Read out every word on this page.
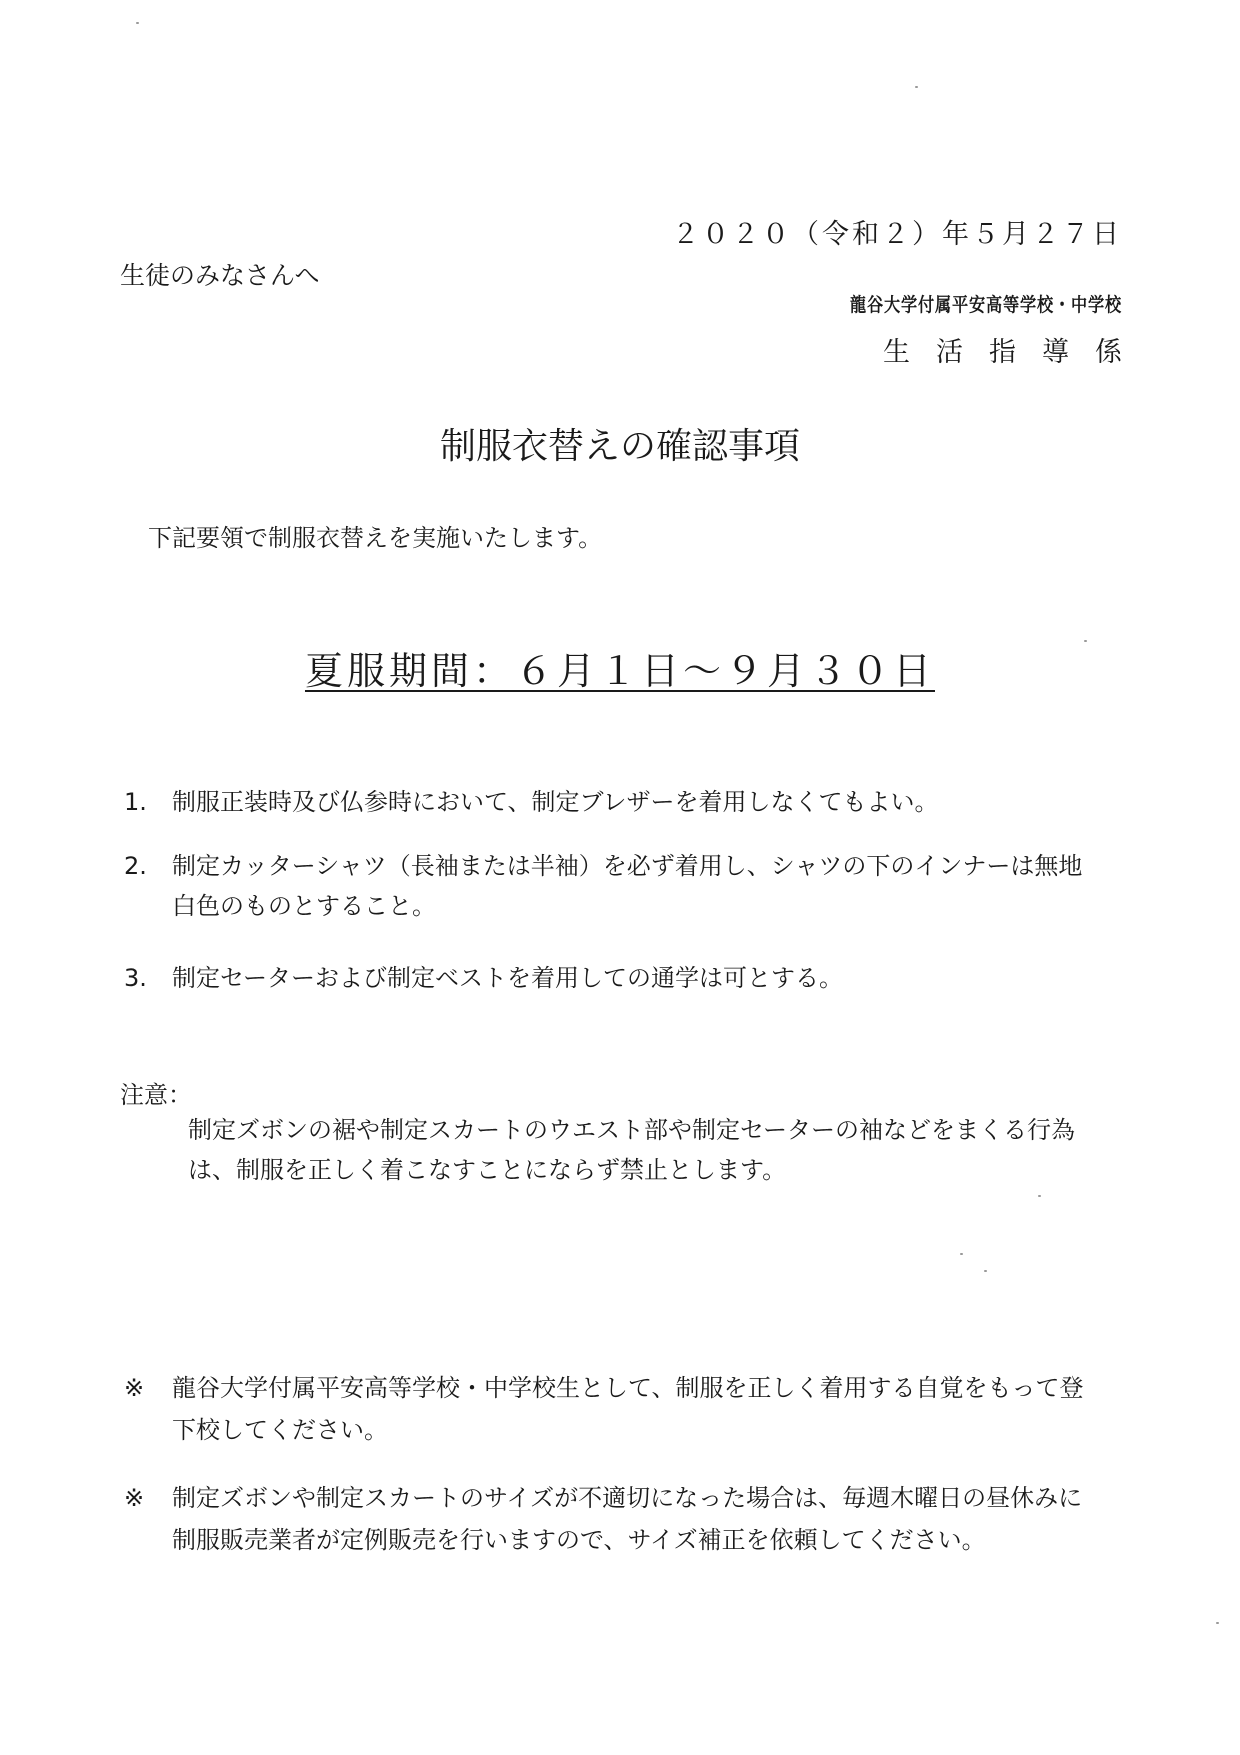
２０２０（令和２）年５月２７日
生徒のみなさんへ
龍谷大学付属平安高等学校・中学校
生活指導係
制服衣替えの確認事項
下記要領で制服衣替えを実施いたします。
夏服期間：６月１日～９月３０日
1. 制服正装時及び仏参時において、制定ブレザーを着用しなくてもよい。
2. 制定カッターシャツ（長袖または半袖）を必ず着用し、シャツの下のインナーは無地
白色のものとすること。
3. 制定セーターおよび制定ベストを着用しての通学は可とする。
注意：
制定ズボンの裾や制定スカートのウエスト部や制定セーターの袖などをまくる行為
は、制服を正しく着こなすことにならず禁止とします。
※ 龍谷大学付属平安高等学校・中学校生として、制服を正しく着用する自覚をもって登
下校してください。
※ 制定ズボンや制定スカートのサイズが不適切になった場合は、毎週木曜日の昼休みに
制服販売業者が定例販売を行いますので、サイズ補正を依頼してください。
